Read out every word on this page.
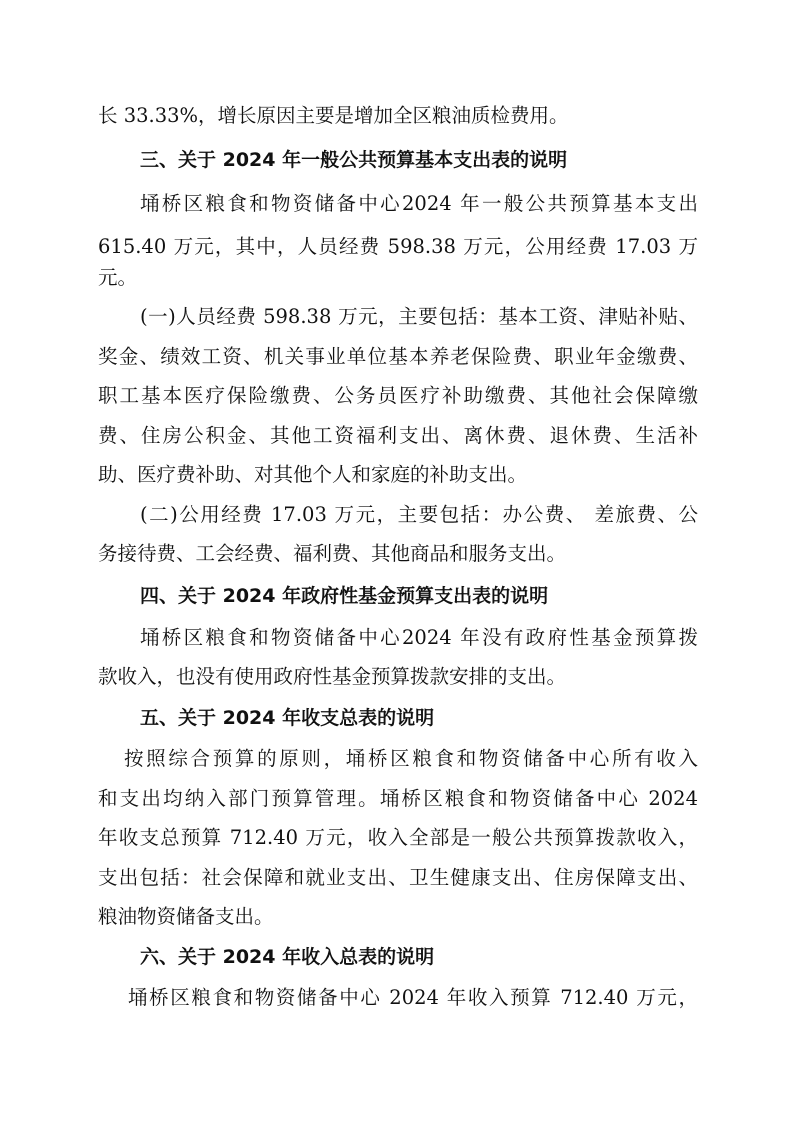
长 33.33%，增长原因主要是增加全区粮油质检费用。
三、关于 2024 年一般公共预算基本支出表的说明
埇桥区粮食和物资储备中心2024 年一般公共预算基本支出
615.40 万元，其中，人员经费 598.38 万元，公用经费 17.03 万
元。
(一)人员经费 598.38 万元，主要包括：基本工资、津贴补贴、
奖金、绩效工资、机关事业单位基本养老保险费、职业年金缴费、
职工基本医疗保险缴费、公务员医疗补助缴费、其他社会保障缴
费、住房公积金、其他工资福利支出、离休费、退休费、生活补
助、医疗费补助、对其他个人和家庭的补助支出。
(二)公用经费 17.03 万元，主要包括：办公费、 差旅费、公
务接待费、工会经费、福利费、其他商品和服务支出。
四、关于 2024 年政府性基金预算支出表的说明
埇桥区粮食和物资储备中心2024 年没有政府性基金预算拨
款收入，也没有使用政府性基金预算拨款安排的支出。
五、关于 2024 年收支总表的说明
按照综合预算的原则，埇桥区粮食和物资储备中心所有收入
和支出均纳入部门预算管理。埇桥区粮食和物资储备中心 2024
年收支总预算 712.40 万元，收入全部是一般公共预算拨款收入，
支出包括：社会保障和就业支出、卫生健康支出、住房保障支出、
粮油物资储备支出。
六、关于 2024 年收入总表的说明
埇桥区粮食和物资储备中心 2024 年收入预算 712.40 万元，
